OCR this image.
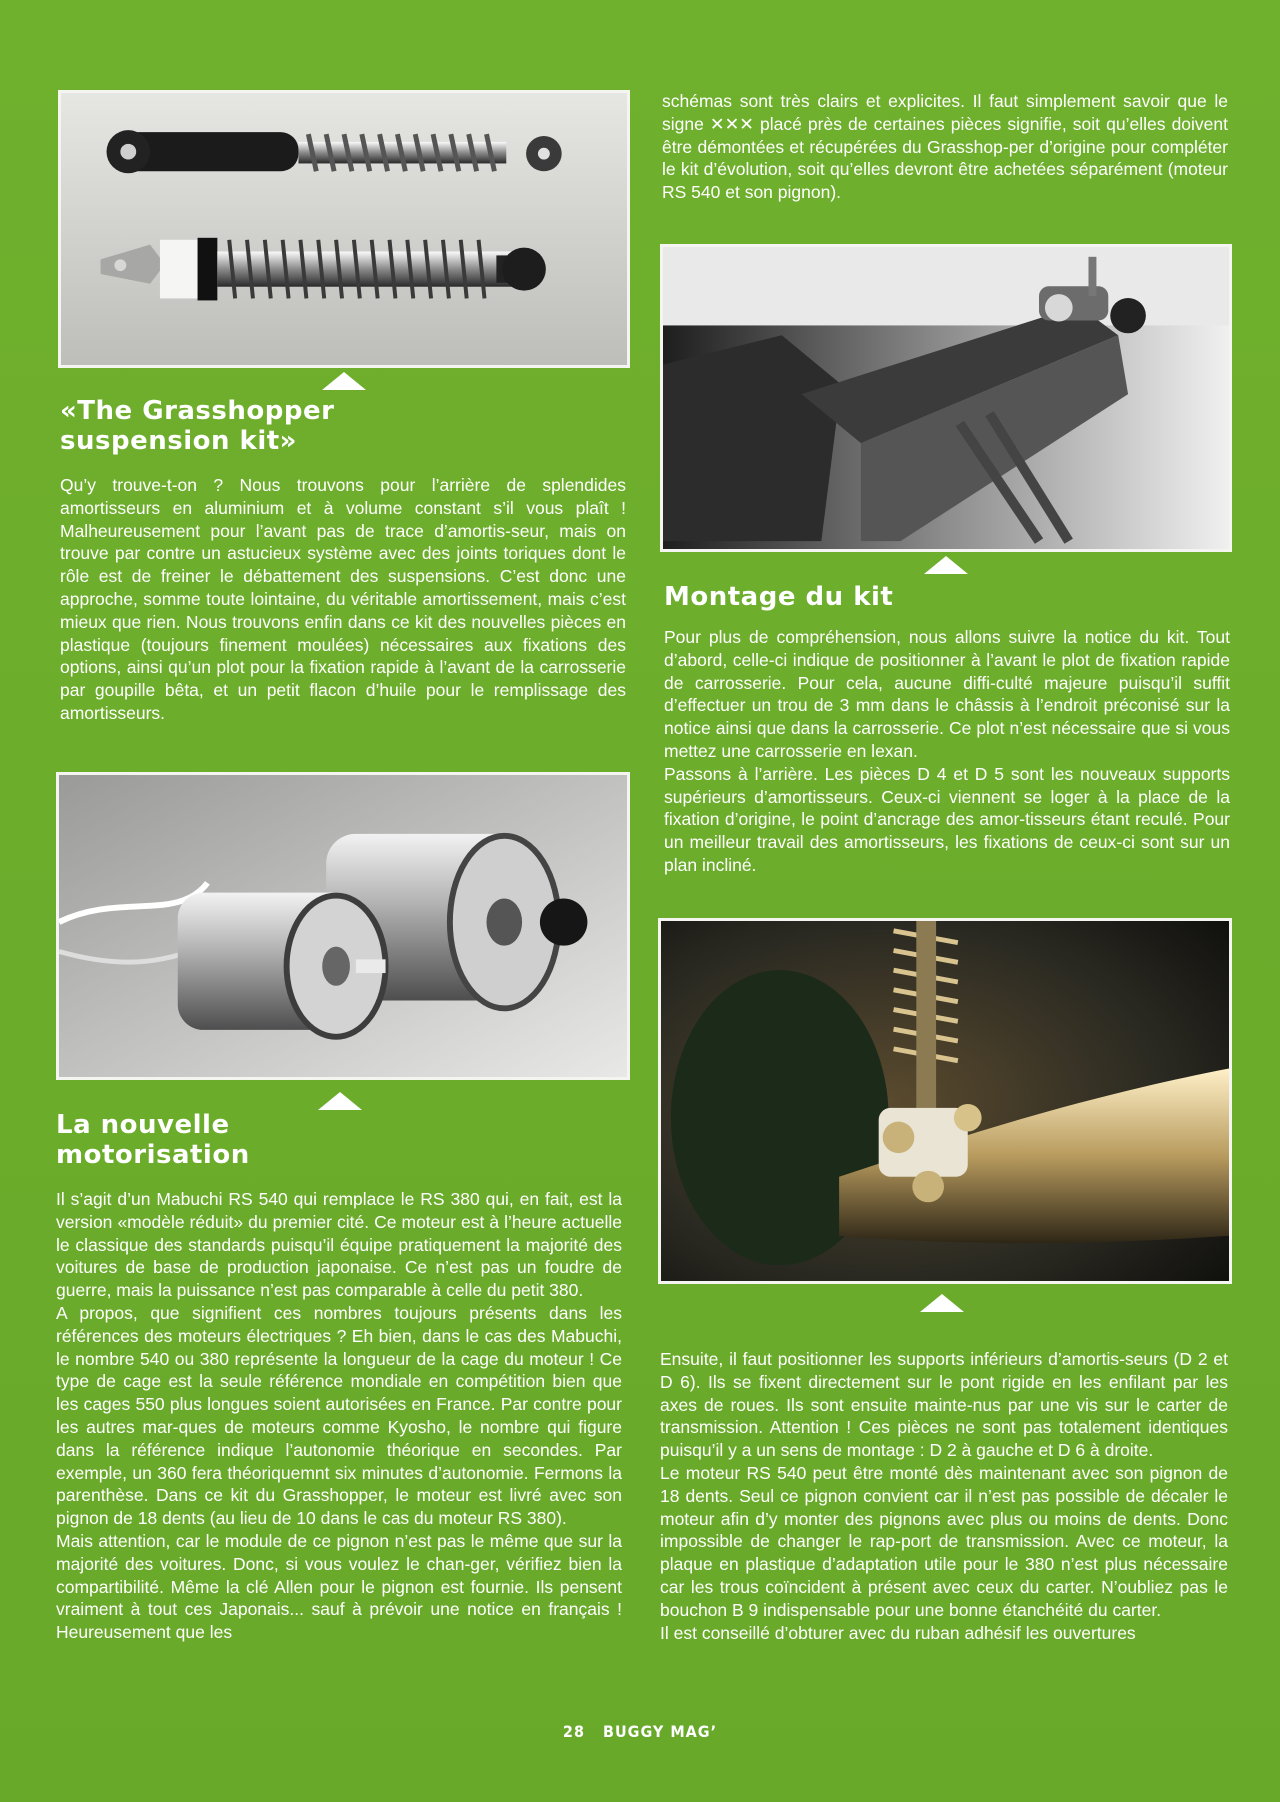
«The Grasshopper
suspension kit»

Qu’y trouve-t-on ? Nous trouvons pour l’arrière de splendides amortisseurs en aluminium et à volume constant s’il vous plaît ! Malheureusement pour l’avant pas de trace d’amortis-seur, mais on trouve par contre un astucieux système avec des joints toriques dont le rôle est de freiner le débattement des suspensions. C’est donc une approche, somme toute lointaine, du véritable amortissement, mais c’est mieux que rien. Nous trouvons enfin dans ce kit des nouvelles pièces en plastique (toujours finement moulées) nécessaires aux fixations des options, ainsi qu’un plot pour la fixation rapide à l’avant de la carrosserie par goupille bêta, et un petit flacon d’huile pour le remplissage des amortisseurs.

La nouvelle
motorisation

Il s’agit d’un Mabuchi RS 540 qui remplace le RS 380 qui, en fait, est la version «modèle réduit» du premier cité. Ce moteur est à l’heure actuelle le classique des standards puisqu’il équipe pratiquement la majorité des voitures de base de production japonaise. Ce n’est pas un foudre de guerre, mais la puissance n’est pas comparable à celle du petit 380.

A propos, que signifient ces nombres toujours présents dans les références des moteurs électriques ? Eh bien, dans le cas des Mabuchi, le nombre 540 ou 380 représente la longueur de la cage du moteur ! Ce type de cage est la seule référence mondiale en compétition bien que les cages 550 plus longues soient autorisées en France. Par contre pour les autres mar-ques de moteurs comme Kyosho, le nombre qui figure dans la référence indique l’autonomie théorique en secondes. Par exemple, un 360 fera théoriquemnt six minutes d’autonomie. Fermons la parenthèse. Dans ce kit du Grasshopper, le moteur est livré avec son pignon de 18 dents (au lieu de 10 dans le cas du moteur RS 380).

Mais attention, car le module de ce pignon n’est pas le même que sur la majorité des voitures. Donc, si vous voulez le chan-ger, vérifiez bien la compartibilité. Même la clé Allen pour le pignon est fournie. Ils pensent vraiment à tout ces Japonais... sauf à prévoir une notice en français ! Heureusement que les

schémas sont très clairs et explicites. Il faut simplement savoir que le signe ✕✕✕ placé près de certaines pièces signifie, soit qu’elles doivent être démontées et récupérées du Grasshop-per d’origine pour compléter le kit d’évolution, soit qu’elles devront être achetées séparément (moteur RS 540 et son pignon).

Montage du kit

Pour plus de compréhension, nous allons suivre la notice du kit. Tout d’abord, celle-ci indique de positionner à l’avant le plot de fixation rapide de carrosserie. Pour cela, aucune diffi-culté majeure puisqu’il suffit d’effectuer un trou de 3 mm dans le châssis à l’endroit préconisé sur la notice ainsi que dans la carrosserie. Ce plot n’est nécessaire que si vous mettez une carrosserie en lexan.

Passons à l’arrière. Les pièces D 4 et D 5 sont les nouveaux supports supérieurs d’amortisseurs. Ceux-ci viennent se loger à la place de la fixation d’origine, le point d’ancrage des amor-tisseurs étant reculé. Pour un meilleur travail des amortisseurs, les fixations de ceux-ci sont sur un plan incliné.

Ensuite, il faut positionner les supports inférieurs d’amortis-seurs (D 2 et D 6). Ils se fixent directement sur le pont rigide en les enfilant par les axes de roues. Ils sont ensuite mainte-nus par une vis sur le carter de transmission. Attention ! Ces pièces ne sont pas totalement identiques puisqu’il y a un sens de montage : D 2 à gauche et D 6 à droite.

Le moteur RS 540 peut être monté dès maintenant avec son pignon de 18 dents. Seul ce pignon convient car il n’est pas possible de décaler le moteur afin d’y monter des pignons avec plus ou moins de dents. Donc impossible de changer le rap-port de transmission. Avec ce moteur, la plaque en plastique d’adaptation utile pour le 380 n’est plus nécessaire car les trous coïncident à présent avec ceux du carter. N’oubliez pas le bouchon B 9 indispensable pour une bonne étanchéité du carter.

Il est conseillé d’obturer avec du ruban adhésif les ouvertures

28 BUGGY MAG’
